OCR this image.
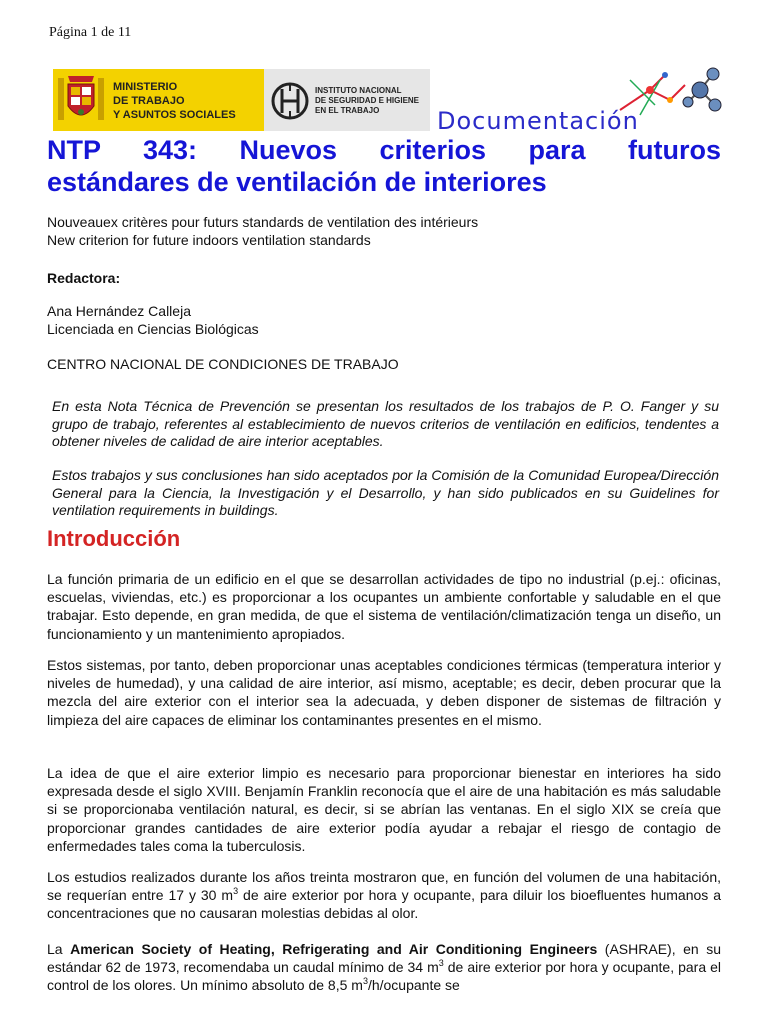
Página 1 de 11
MINISTERIO
DE TRABAJO
Y ASUNTOS SOCIALES
INSTITUTO NACIONAL
DE SEGURIDAD E HIGIENE
EN EL TRABAJO	Documentación
NTP 343: Nuevos criterios para futuros
estándares de ventilación de interiores
Nouveauex critères pour futurs standards de ventilation des intérieurs
New criterion for future indoors ventilation standards
Redactora:
Ana Hernández Calleja
Licenciada en Ciencias Biológicas
CENTRO NACIONAL DE CONDICIONES DE TRABAJO
En esta Nota Técnica de Prevención se presentan los resultados de los trabajos de P. O. Fanger y su grupo de trabajo, referentes al establecimiento de nuevos criterios de ventilación en edificios, tendentes a obtener niveles de calidad de aire interior aceptables.
Estos trabajos y sus conclusiones han sido aceptados por la Comisión de la Comunidad Europea/Dirección General para la Ciencia, la Investigación y el Desarrollo, y han sido publicados en su Guidelines for ventilation requirements in buildings.
Introducción

La función primaria de un edificio en el que se desarrollan actividades de tipo no industrial (p.ej.: oficinas, escuelas, viviendas, etc.) es proporcionar a los ocupantes un ambiente confortable y saludable en el que trabajar. Esto depende, en gran medida, de que el sistema de ventilación/climatización tenga un diseño, un funcionamiento y un mantenimiento apropiados.

Estos sistemas, por tanto, deben proporcionar unas aceptables condiciones térmicas (temperatura interior y niveles de humedad), y una calidad de aire interior, así mismo, aceptable; es decir, deben procurar que la mezcla del aire exterior con el interior sea la adecuada, y deben disponer de sistemas de filtración y limpieza del aire capaces de eliminar los contaminantes presentes en el mismo.

La idea de que el aire exterior limpio es necesario para proporcionar bienestar en interiores ha sido expresada desde el siglo XVIII. Benjamín Franklin reconocía que el aire de una habitación es más saludable si se proporcionaba ventilación natural, es decir, si se abrían las ventanas. En el siglo XIX se creía que proporcionar grandes cantidades de aire exterior podía ayudar a rebajar el riesgo de contagio de enfermedades tales coma la tuberculosis.

Los estudios realizados durante los años treinta mostraron que, en función del volumen de una habitación, se requerían entre 17 y 30 $m^3$ de aire exterior por hora y ocupante, para diluir los bioefluentes humanos a concentraciones que no causaran molestias debidas al olor.

La American Society of Heating, Refrigerating and Air Conditioning Engineers (ASHRAE), en su estándar 62 de 1973, recomendaba un caudal mínimo de 34 $m^3$ de aire exterior por hora y ocupante, para el control de los olores. Un mínimo absoluto de 8,5 $m^3/h$/ocupante se
